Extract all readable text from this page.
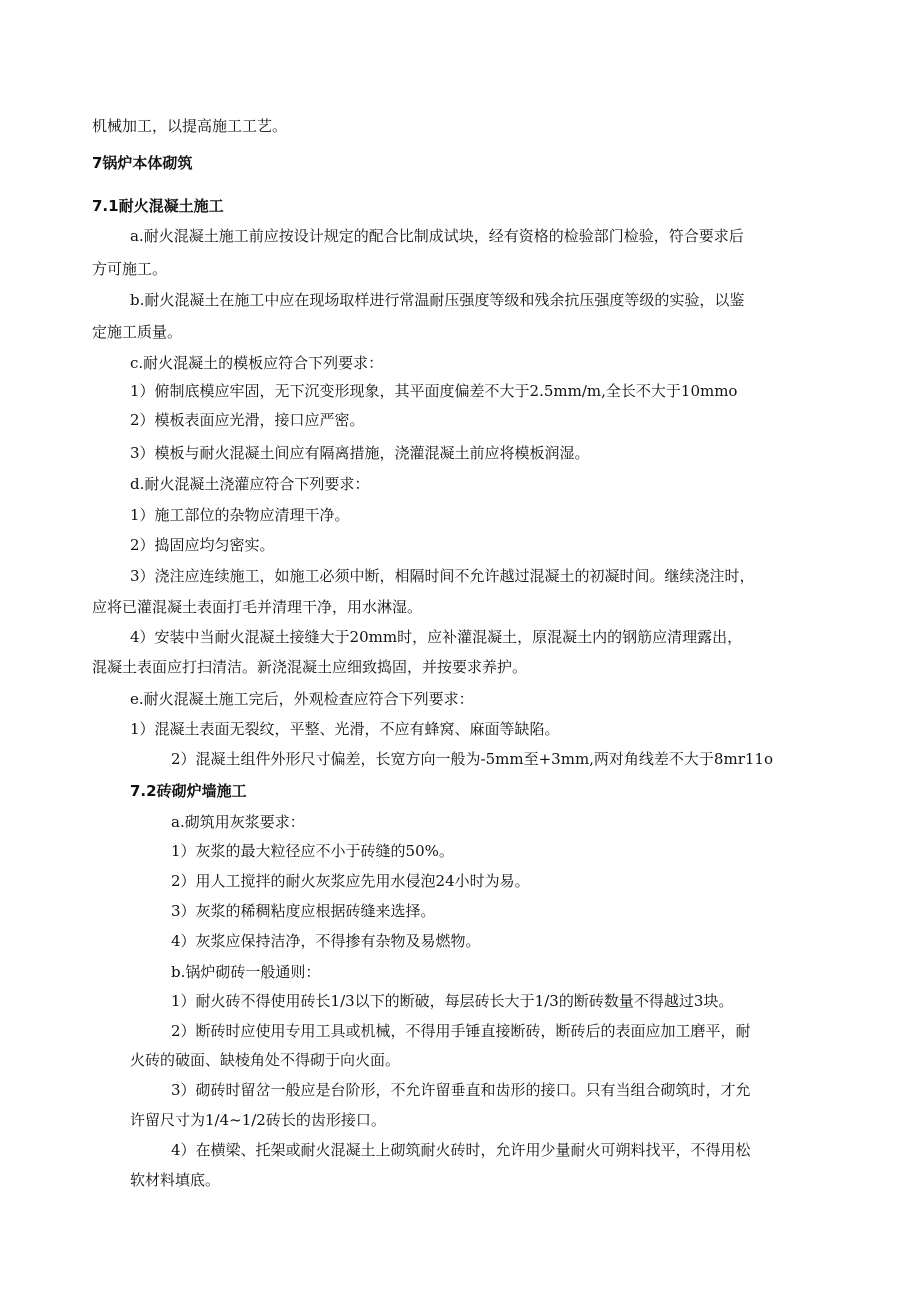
机械加工，以提高施工工艺。
7锅炉本体砌筑
7.1耐火混凝土施工
a.耐火混凝土施工前应按设计规定的配合比制成试块，经有资格的检验部门检验，符合要求后
方可施工。
b.耐火混凝土在施工中应在现场取样进行常温耐压强度等级和残余抗压强度等级的实验，以鉴
定施工质量。
c.耐火混凝土的模板应符合下列要求：
1）俯制底模应牢固，无下沉变形现象，其平面度偏差不大于2.5mm∕m,全长不大于10mmo
2）模板表面应光滑，接口应严密。
3）模板与耐火混凝土间应有隔离措施，浇灌混凝土前应将模板润湿。
d.耐火混凝土浇灌应符合下列要求：
1）施工部位的杂物应清理干净。
2）捣固应均匀密实。
3）浇注应连续施工，如施工必须中断，相隔时间不允许越过混凝土的初凝时间。继续浇注时，
应将已灌混凝土表面打毛并清理干净，用水淋湿。
4）安装中当耐火混凝土接缝大于20mm时，应补灌混凝土，原混凝土内的钢筋应清理露出，
混凝土表面应打扫清洁。新浇混凝土应细致捣固，并按要求养护。
e.耐火混凝土施工完后，外观检查应符合下列要求：
1）混凝土表面无裂纹，平整、光滑，不应有蜂窝、麻面等缺陷。
2）混凝土组件外形尺寸偏差，长宽方向一般为-5mm至+3mm,两对角线差不大于8mr11o
7.2砖砌炉墙施工
a.砌筑用灰浆要求：
1）灰浆的最大粒径应不小于砖缝的50%。
2）用人工搅拌的耐火灰浆应先用水侵泡24小时为易。
3）灰浆的稀稠粘度应根据砖缝来选择。
4）灰浆应保持洁净，不得掺有杂物及易燃物。
b.锅炉砌砖一般通则：
1）耐火砖不得使用砖长1/3以下的断破，每层砖长大于1/3的断砖数量不得越过3块。
2）断砖时应使用专用工具或机械，不得用手锤直接断砖，断砖后的表面应加工磨平，耐
火砖的破面、缺棱角处不得砌于向火面。
3）砌砖时留岔一般应是台阶形，不允许留垂直和齿形的接口。只有当组合砌筑时，才允
许留尺寸为1∕4~1∕2砖长的齿形接口。
4）在横梁、托架或耐火混凝土上砌筑耐火砖时，允许用少量耐火可朔料找平，不得用松
软材料填底。
